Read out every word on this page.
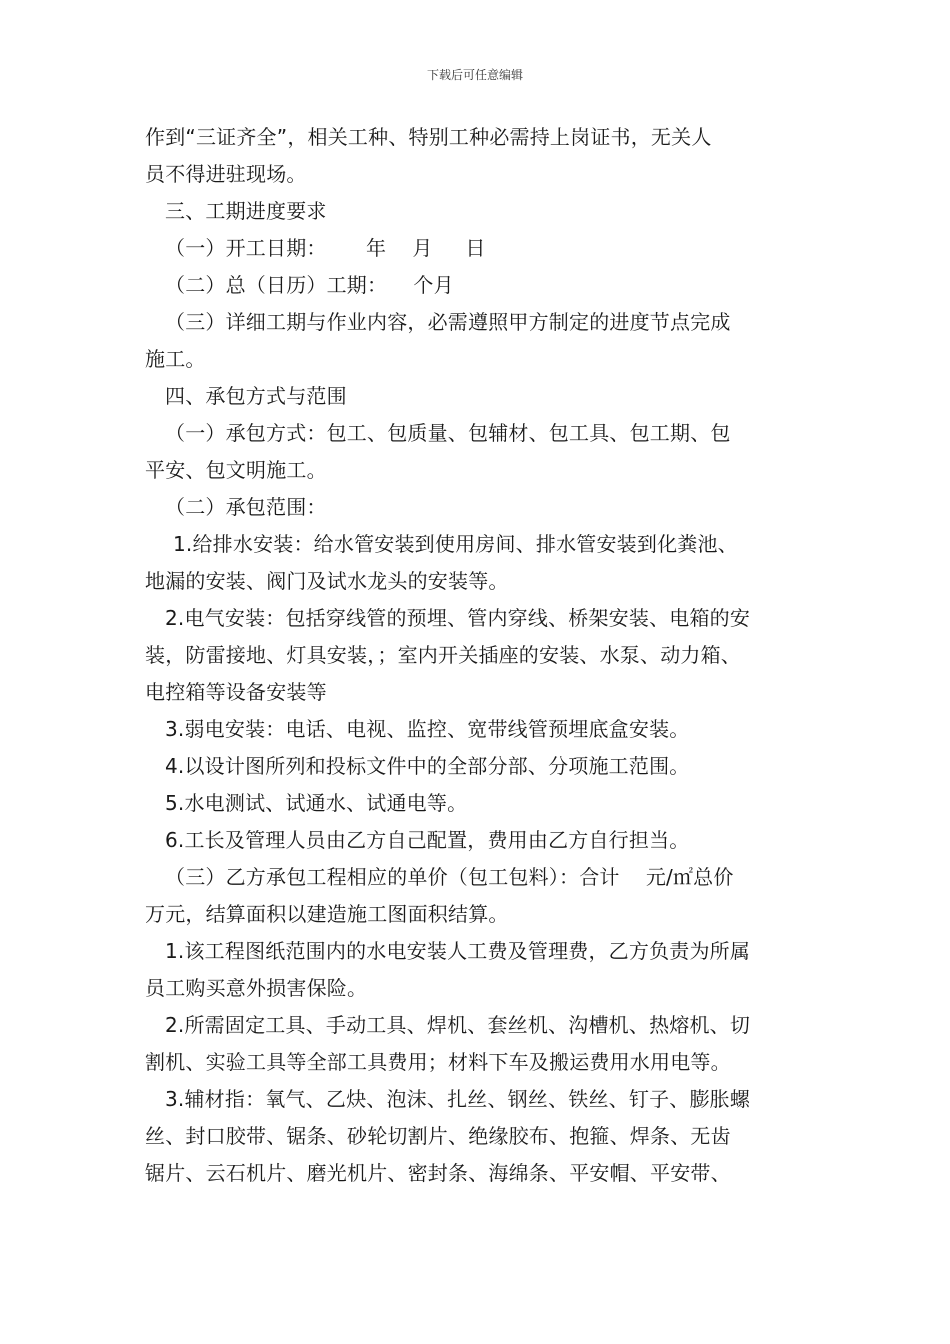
下载后可任意编辑
作到“三证齐全”，相关工种、特别工种必需持上岗证书，无关人
员不得进驻现场。
三、工期进度要求
（一）开工日期：      年    月     日
（二）总（日历）工期：    个月
（三）详细工期与作业内容，必需遵照甲方制定的进度节点完成
施工。
四、承包方式与范围
（一）承包方式：包工、包质量、包辅材、包工具、包工期、包
平安、包文明施工。
（二）承包范围：
1.给排水安装：给水管安装到使用房间、排水管安装到化粪池、
地漏的安装、阀门及试水龙头的安装等。
2.电气安装：包括穿线管的预埋、管内穿线、桥架安装、电箱的安
装，防雷接地、灯具安装，；室内开关插座的安装、水泵、动力箱、
电控箱等设备安装等
3.弱电安装：电话、电视、监控、宽带线管预埋底盒安装。
4.以设计图所列和投标文件中的全部分部、分项施工范围。
5.水电测试、试通水、试通电等。
6.工长及管理人员由乙方自己配置，费用由乙方自行担当。
（三）乙方承包工程相应的单价（包工包料）：合计    元/㎡总价
万元，结算面积以建造施工图面积结算。
1.该工程图纸范围内的水电安装人工费及管理费，乙方负责为所属
员工购买意外损害保险。
2.所需固定工具、手动工具、焊机、套丝机、沟槽机、热熔机、切
割机、实验工具等全部工具费用；材料下车及搬运费用水用电等。
3.辅材指：氧气、乙炔、泡沫、扎丝、钢丝、铁丝、钉子、膨胀螺
丝、封口胶带、锯条、砂轮切割片、绝缘胶布、抱箍、焊条、无齿
锯片、云石机片、磨光机片、密封条、海绵条、平安帽、平安带、
